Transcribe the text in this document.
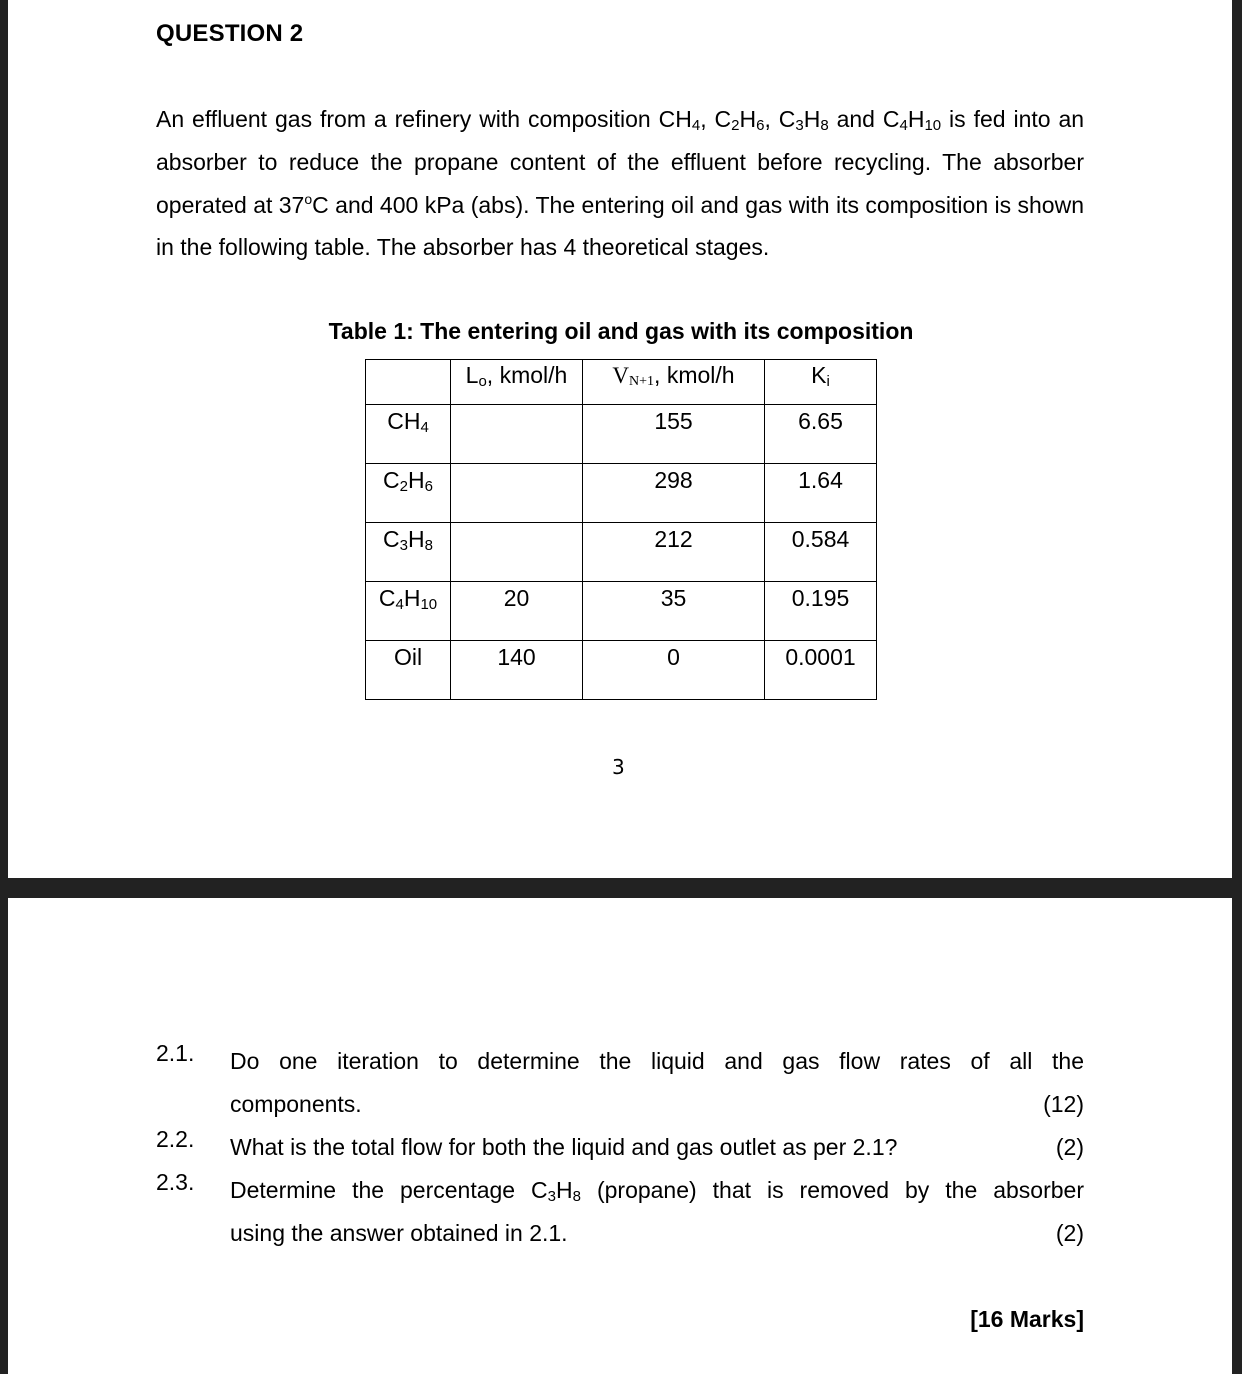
QUESTION 2
An effluent gas from a refinery with composition $CH_4$, $C_2H_6$, $C_3H_8$ and $C_4H_{10}$ is fed into an absorber to reduce the propane content of the effluent before recycling. The absorber operated at 37$^o$C and 400 kPa (abs). The entering oil and gas with its composition is shown in the following table. The absorber has 4 theoretical stages.
Table 1: The entering oil and gas with its composition
	$L_o$, kmol/h	$V_{N+1}$, kmol/h	$K_i$
$CH_4$		155	6.65
$C_2H_6$		298	1.64
$C_3H_8$		212	0.584
$C_4H_{10}$	20	35	0.195
Oil	140	0	0.0001
3
2.1. Do one iteration to determine the liquid and gas flow rates of all the
components.	(12)
2.2. What is the total flow for both the liquid and gas outlet as per 2.1?	(2)
2.3. Determine the percentage $C_3H_8$ (propane) that is removed by the absorber
using the answer obtained in 2.1.	(2)
[16 Marks]
